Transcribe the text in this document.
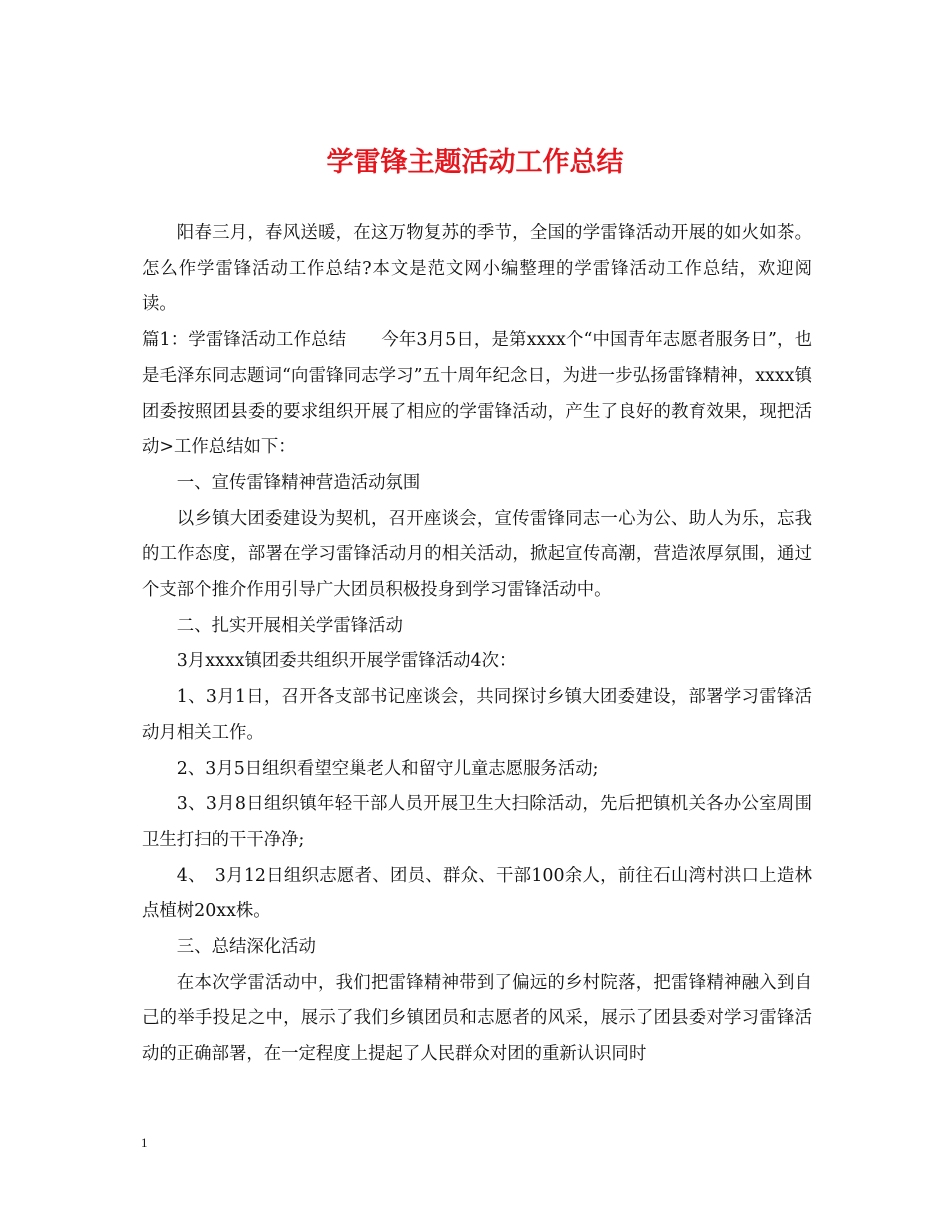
学雷锋主题活动工作总结

阳春三月，春风送暖，在这万物复苏的季节，全国的学雷锋活动开展的如火如茶。怎么作学雷锋活动工作总结?本文是范文网小编整理的学雷锋活动工作总结，欢迎阅读。

篇1：学雷锋活动工作总结　　今年3月5日，是第xxxx个“中国青年志愿者服务日”，也是毛泽东同志题词“向雷锋同志学习”五十周年纪念日，为进一步弘扬雷锋精神，xxxx镇团委按照团县委的要求组织开展了相应的学雷锋活动，产生了良好的教育效果，现把活动>工作总结如下：

一、宣传雷锋精神营造活动氛围

以乡镇大团委建设为契机，召开座谈会，宣传雷锋同志一心为公、助人为乐，忘我的工作态度，部署在学习雷锋活动月的相关活动，掀起宣传高潮，营造浓厚氛围，通过个支部个推介作用引导广大团员积极投身到学习雷锋活动中。

二、扎实开展相关学雷锋活动

3月xxxx镇团委共组织开展学雷锋活动4次：

1、3月1日，召开各支部书记座谈会，共同探讨乡镇大团委建设，部署学习雷锋活动月相关工作。

2、3月5日组织看望空巢老人和留守儿童志愿服务活动;

3、3月8日组织镇年轻干部人员开展卫生大扫除活动，先后把镇机关各办公室周围卫生打扫的干干净净;

4、　3月12日组织志愿者、团员、群众、干部100余人，前往石山湾村洪口上造林点植树20xx株。

三、总结深化活动

在本次学雷活动中，我们把雷锋精神带到了偏远的乡村院落，把雷锋精神融入到自己的举手投足之中，展示了我们乡镇团员和志愿者的风采，展示了团县委对学习雷锋活动的正确部署，在一定程度上提起了人民群众对团的重新认识同时

1
